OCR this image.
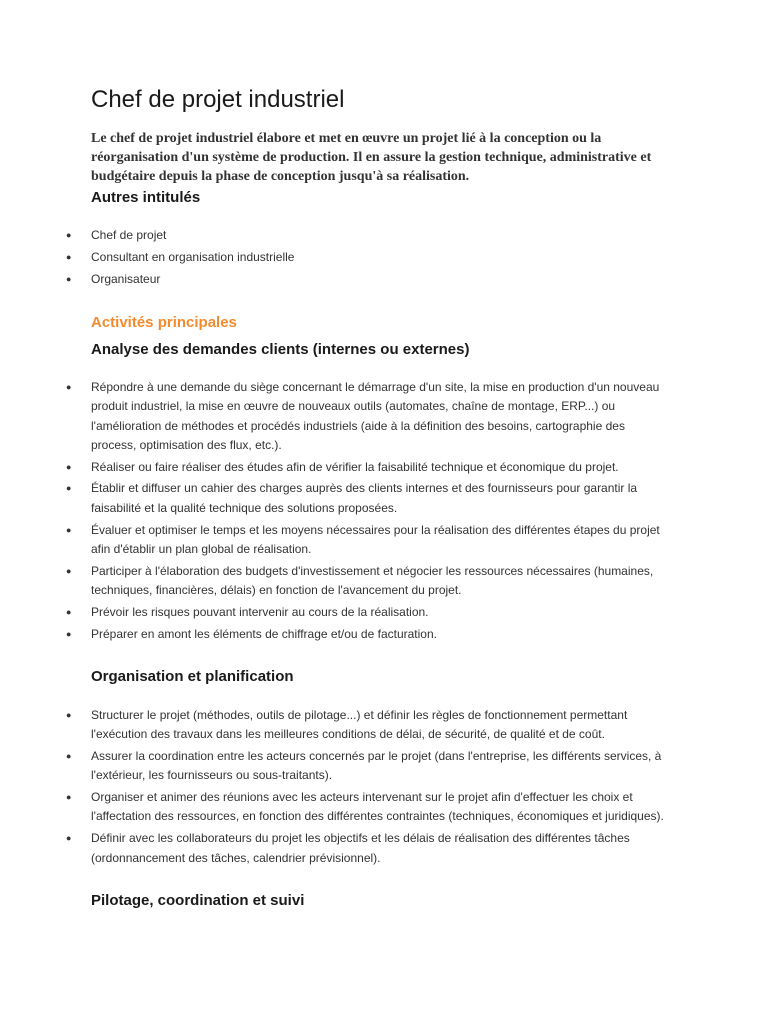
Chef de projet industriel

Le chef de projet industriel élabore et met en œuvre un projet lié à la conception ou la réorganisation d'un système de production. Il en assure la gestion technique, administrative et budgétaire depuis la phase de conception jusqu'à sa réalisation.

Autres intitulés
● Chef de projet
● Consultant en organisation industrielle
● Organisateur
Activités principales
Analyse des demandes clients (internes ou externes)
● Répondre à une demande du siège concernant le démarrage d'un site, la mise en production d'un nouveau produit industriel, la mise en œuvre de nouveaux outils (automates, chaîne de montage, ERP...) ou l'amélioration de méthodes et procédés industriels (aide à la définition des besoins, cartographie des process, optimisation des flux, etc.).
● Réaliser ou faire réaliser des études afin de vérifier la faisabilité technique et économique du projet.
● Établir et diffuser un cahier des charges auprès des clients internes et des fournisseurs pour garantir la faisabilité et la qualité technique des solutions proposées.
● Évaluer et optimiser le temps et les moyens nécessaires pour la réalisation des différentes étapes du projet afin d'établir un plan global de réalisation.
● Participer à l'élaboration des budgets d'investissement et négocier les ressources nécessaires (humaines, techniques, financières, délais) en fonction de l'avancement du projet.
● Prévoir les risques pouvant intervenir au cours de la réalisation.
● Préparer en amont les éléments de chiffrage et/ou de facturation.
Organisation et planification
● Structurer le projet (méthodes, outils de pilotage...) et définir les règles de fonctionnement permettant l'exécution des travaux dans les meilleures conditions de délai, de sécurité, de qualité et de coût.
● Assurer la coordination entre les acteurs concernés par le projet (dans l'entreprise, les différents services, à l'extérieur, les fournisseurs ou sous-traitants).
● Organiser et animer des réunions avec les acteurs intervenant sur le projet afin d'effectuer les choix et l'affectation des ressources, en fonction des différentes contraintes (techniques, économiques et juridiques).
● Définir avec les collaborateurs du projet les objectifs et les délais de réalisation des différentes tâches (ordonnancement des tâches, calendrier prévisionnel).
Pilotage, coordination et suivi
